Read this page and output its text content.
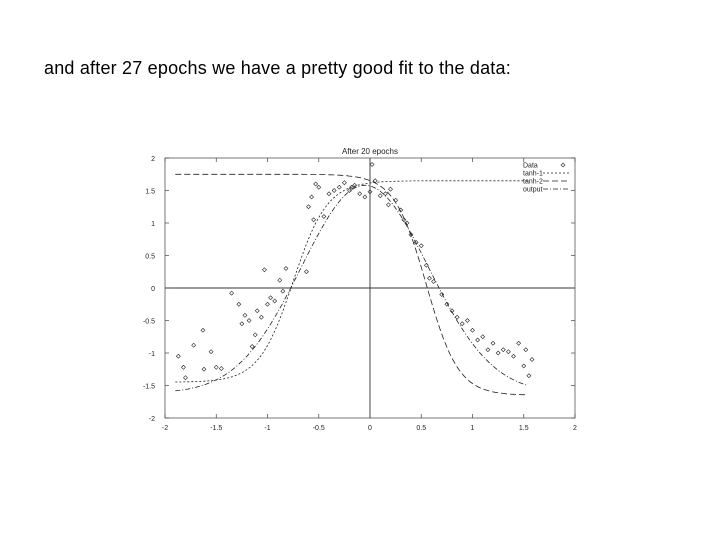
and after 27 epochs we have a pretty good fit to the data:
-2	-1.5	-1	-0.5	0	0.5	1	1.5	2
-2
-1.5
-1
-0.5
0
0.5
1
1.5
2
Data
tanh-1
tanh-2
output
After 20 epochs
